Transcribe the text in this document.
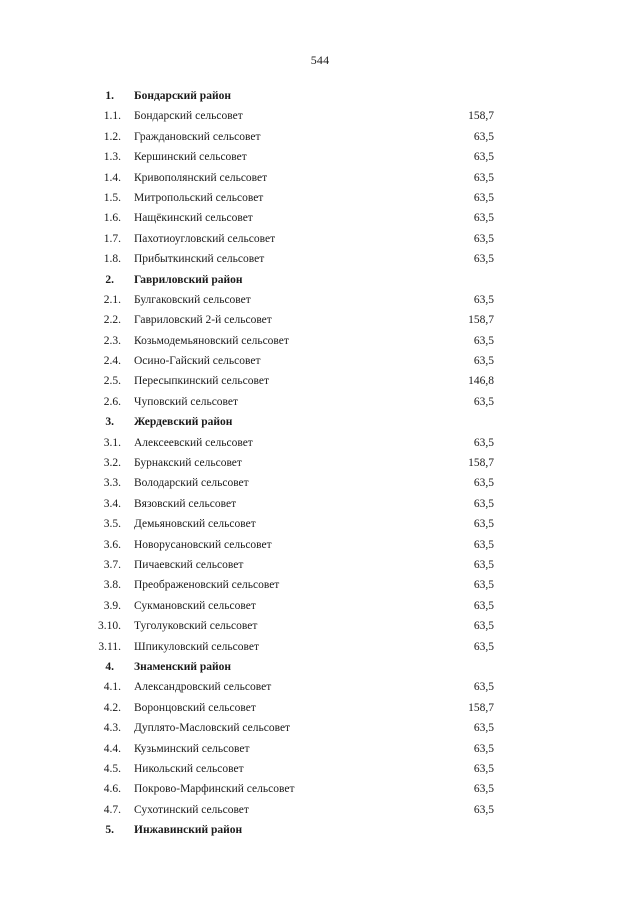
544
1. Бондарский район
1.1. Бондарский сельсовет	158,7
1.2. Граждановский сельсовет	63,5
1.3. Кершинский сельсовет	63,5
1.4. Кривополянский сельсовет	63,5
1.5. Митропольский сельсовет	63,5
1.6. Нащёкинский сельсовет	63,5
1.7. Пахотиоугловский сельсовет	63,5
1.8. Прибыткинский сельсовет	63,5
2. Гавриловский район
2.1. Булгаковский сельсовет	63,5
2.2. Гавриловский 2-й сельсовет	158,7
2.3. Козьмодемьяновский сельсовет	63,5
2.4. Осино-Гайский сельсовет	63,5
2.5. Пересыпкинский сельсовет	146,8
2.6. Чуповский сельсовет	63,5
3. Жердевский район
3.1. Алексеевский сельсовет	63,5
3.2. Бурнакский сельсовет	158,7
3.3. Володарский сельсовет	63,5
3.4. Вязовский сельсовет	63,5
3.5. Демьяновский сельсовет	63,5
3.6. Новорусановский сельсовет	63,5
3.7. Пичаевский сельсовет	63,5
3.8. Преображеновский сельсовет	63,5
3.9. Сукмановский сельсовет	63,5
3.10. Туголуковский сельсовет	63,5
3.11. Шпикуловский сельсовет	63,5
4. Знаменский район
4.1. Александровский сельсовет	63,5
4.2. Воронцовский сельсовет	158,7
4.3. Дуплято-Масловский сельсовет	63,5
4.4. Кузьминский сельсовет	63,5
4.5. Никольский сельсовет	63,5
4.6. Покрово-Марфинский сельсовет	63,5
4.7. Сухотинский сельсовет	63,5
5. Инжавинский район
